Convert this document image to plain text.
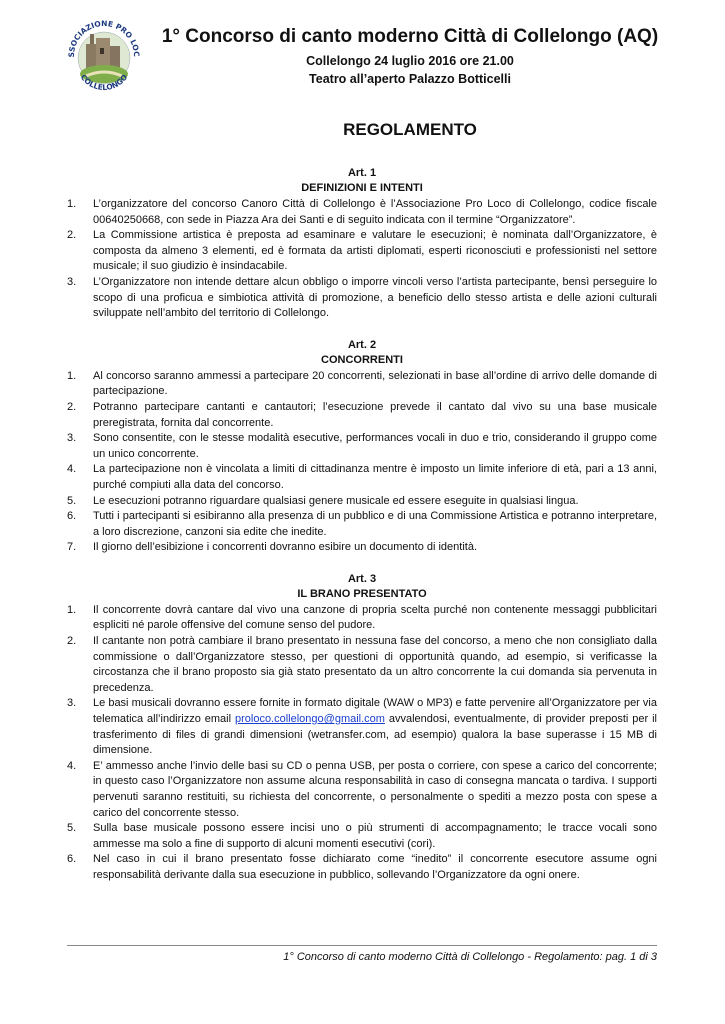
SSOCIAZIONE PRO LOC
COLLELONGO
1° Concorso di canto moderno Città di Collelongo (AQ)
Collelongo 24 luglio 2016 ore 21.00
Teatro all’aperto Palazzo Botticelli
REGOLAMENTO
Art. 1
DEFINIZIONI E INTENTI
1.	L’organizzatore del concorso Canoro Città di Collelongo è l’Associazione Pro Loco di Collelongo, codice fiscale 00640250668, con sede in Piazza Ara dei Santi e di seguito indicata con il termine “Organizzatore”.
2.	La Commissione artistica è preposta ad esaminare e valutare le esecuzioni; è nominata dall’Organizzatore, è composta da almeno 3 elementi, ed è formata da artisti diplomati, esperti riconosciuti e professionisti nel settore musicale; il suo giudizio è insindacabile.
3.	L’Organizzatore non intende dettare alcun obbligo o imporre vincoli verso l’artista partecipante, bensì perseguire lo scopo di una proficua e simbiotica attività di promozione, a beneficio dello stesso artista e delle azioni culturali sviluppate nell’ambito del territorio di Collelongo.
Art. 2
CONCORRENTI
1.	Al concorso saranno ammessi a partecipare 20 concorrenti, selezionati in base all’ordine di arrivo delle domande di partecipazione.
2.	Potranno partecipare cantanti e cantautori; l’esecuzione prevede il cantato dal vivo su una base musicale preregistrata, fornita dal concorrente.
3.	Sono consentite, con le stesse modalità esecutive, performances vocali in duo e trio, considerando il gruppo come un unico concorrente.
4.	La partecipazione non è vincolata a limiti di cittadinanza mentre è imposto un limite inferiore di età, pari a 13 anni, purché compiuti alla data del concorso.
5.	Le esecuzioni potranno riguardare qualsiasi genere musicale ed essere eseguite in qualsiasi lingua.
6.	Tutti i partecipanti si esibiranno alla presenza di un pubblico e di una Commissione Artistica e potranno interpretare, a loro discrezione, canzoni sia edite che inedite.
7.	Il giorno dell’esibizione i concorrenti dovranno esibire un documento di identità.
Art. 3
IL BRANO PRESENTATO
1.	Il concorrente dovrà cantare dal vivo una canzone di propria scelta purché non contenente messaggi pubblicitari espliciti né parole offensive del comune senso del pudore.
2.	Il cantante non potrà cambiare il brano presentato in nessuna fase del concorso, a meno che non consigliato dalla commissione o dall’Organizzatore stesso, per questioni di opportunità quando, ad esempio, si verificasse la circostanza che il brano proposto sia già stato presentato da un altro concorrente la cui domanda sia pervenuta in precedenza.
3.	Le basi musicali dovranno essere fornite in formato digitale (WAW o MP3) e fatte pervenire all’Organizzatore per via telematica all’indirizzo email proloco.collelongo@gmail.com avvalendosi, eventualmente, di provider preposti per il trasferimento di files di grandi dimensioni (wetransfer.com, ad esempio) qualora la base superasse i 15 MB di dimensione.
4.	E’ ammesso anche l’invio delle basi su CD o penna USB, per posta o corriere, con spese a carico del concorrente; in questo caso l’Organizzatore non assume alcuna responsabilità in caso di consegna mancata o tardiva. I supporti pervenuti saranno restituiti, su richiesta del concorrente, o personalmente o spediti a mezzo posta con spese a carico del concorrente stesso.
5.	Sulla base musicale possono essere incisi uno o più strumenti di accompagnamento; le tracce vocali sono ammesse ma solo a fine di supporto di alcuni momenti esecutivi (cori).
6.	Nel caso in cui il brano presentato fosse dichiarato come “inedito” il concorrente esecutore assume ogni responsabilità derivante dalla sua esecuzione in pubblico, sollevando l’Organizzatore da ogni onere.
1° Concorso di canto moderno Città di Collelongo - Regolamento: pag. 1 di 3
